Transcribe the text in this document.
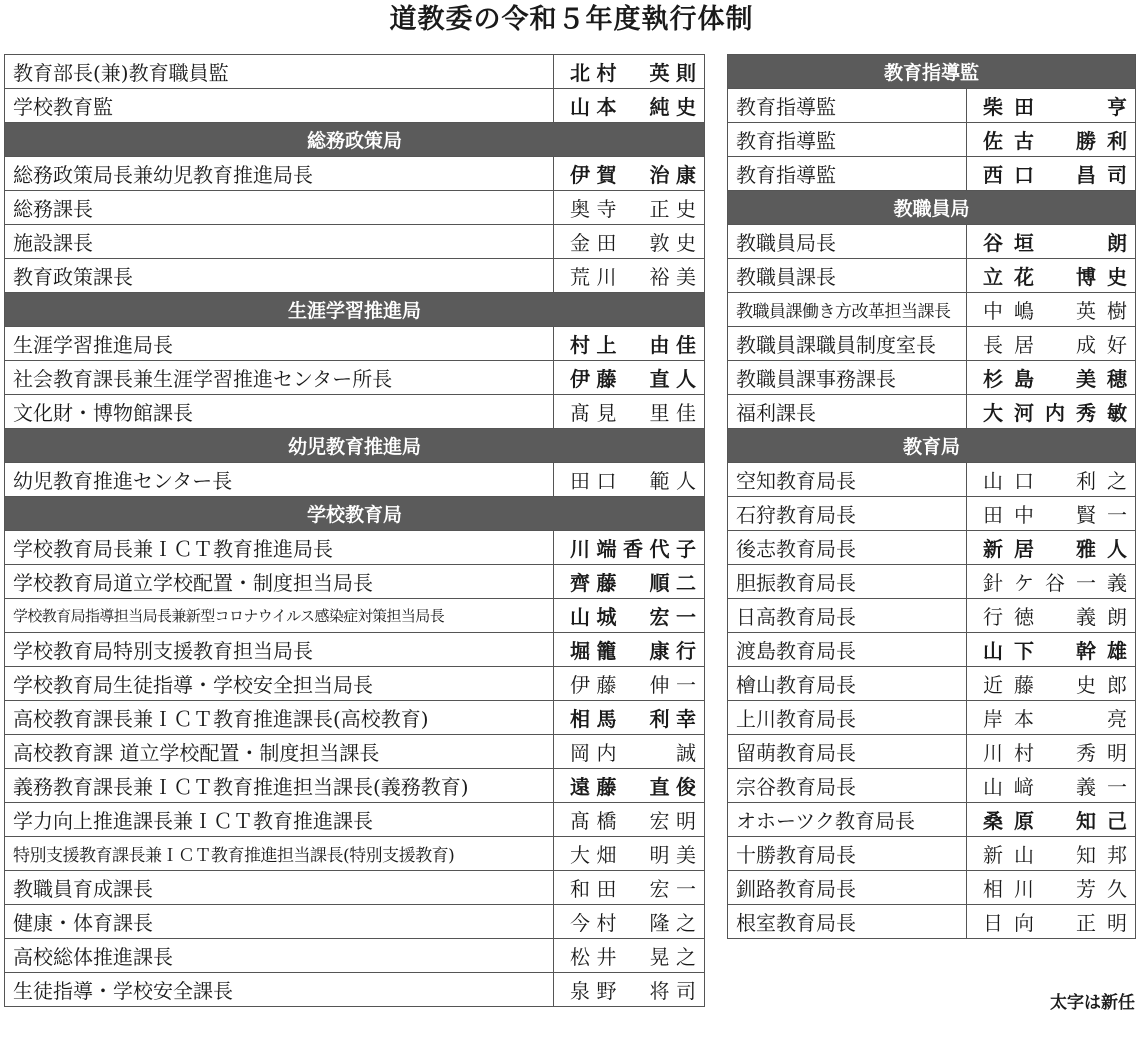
道教委の令和５年度執行体制
教育部長(兼)教育職員監	北村　英則
学校教育監	山本　純史
総務政策局	
総務政策局長兼幼児教育推進局長	伊賀　治康
総務課長	奥寺　正史
施設課長	金田　敦史
教育政策課長	荒川　裕美
生涯学習推進局	
生涯学習推進局長	村上　由佳
社会教育課長兼生涯学習推進センター所長	伊藤　直人
文化財・博物館課長	髙見　里佳
幼児教育推進局	
幼児教育推進センター長	田口　範人
学校教育局	
学校教育局長兼ＩＣＴ教育推進局長	川端香代子
学校教育局道立学校配置・制度担当局長	齊藤　順二
学校教育局指導担当局長兼新型コロナウイルス感染症対策担当局長	山城　宏一
学校教育局特別支援教育担当局長	堀籠　康行
学校教育局生徒指導・学校安全担当局長	伊藤　伸一
高校教育課長兼ＩＣＴ教育推進課長(高校教育)	相馬　利幸
高校教育課 道立学校配置・制度担当課長	岡内　　誠
義務教育課長兼ＩＣＴ教育推進担当課長(義務教育)	遠藤　直俊
学力向上推進課長兼ＩＣＴ教育推進課長	髙橋　宏明
特別支援教育課長兼ＩＣＴ教育推進担当課長(特別支援教育)	大畑　明美
教職員育成課長	和田　宏一
健康・体育課長	今村　隆之
高校総体推進課長	松井　晃之
生徒指導・学校安全課長	泉野　将司
教育指導監	
教育指導監	柴田　　亨
教育指導監	佐古　勝利
教育指導監	西口　昌司
教職員局	
教職員局長	谷垣　　朗
教職員課長	立花　博史
教職員課働き方改革担当課長	中嶋　英樹
教職員課職員制度室長	長居　成好
教職員課事務課長	杉島　美穂
福利課長	大河内秀敏
教育局	
空知教育局長	山口　利之
石狩教育局長	田中　賢一
後志教育局長	新居　雅人
胆振教育局長	針ケ谷一義
日高教育局長	行徳　義朗
渡島教育局長	山下　幹雄
檜山教育局長	近藤　史郎
上川教育局長	岸本　　亮
留萌教育局長	川村　秀明
宗谷教育局長	山﨑　義一
オホーツク教育局長	桑原　知己
十勝教育局長	新山　知邦
釧路教育局長	相川　芳久
根室教育局長	日向　正明
太字は新任
